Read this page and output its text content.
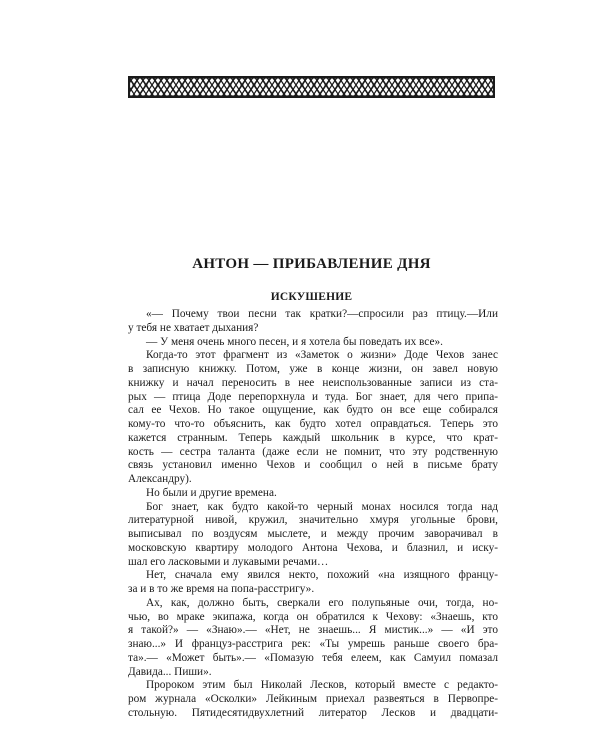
АНТОН — ПРИБАВЛЕНИЕ ДНЯ
ИСКУШЕНИЕ
«— Почему твои песни так кратки?—спросили раз птицу.—Или
у тебя не хватает дыхания?
— У меня очень много песен, и я хотела бы поведать их все».
Когда-то этот фрагмент из «Заметок о жизни» Доде Чехов занес
в записную книжку. Потом, уже в конце жизни, он завел новую
книжку и начал переносить в нее неиспользованные записи из ста-
рых — птица Доде перепорхнула и туда. Бог знает, для чего припа-
сал ее Чехов. Но такое ощущение, как будто он все еще собирался
кому-то что-то объяснить, как будто хотел оправдаться. Теперь это
кажется странным. Теперь каждый школьник в курсе, что крат-
кость — сестра таланта (даже если не помнит, что эту родственную
связь установил именно Чехов и сообщил о ней в письме брату
Александру).
Но были и другие времена.
Бог знает, как будто какой-то черный монах носился тогда над
литературной нивой, кружил, значительно хмуря угольные брови,
выписывал по воздусям мыслете, и между прочим заворачивал в
московскую квартиру молодого Антона Чехова, и блазнил, и иску-
шал его ласковыми и лукавыми речами…
Нет, сначала ему явился некто, похожий «на изящного францу-
за и в то же время на попа-расстригу».
Ах, как, должно быть, сверкали его полупьяные очи, тогда, но-
чью, во мраке экипажа, когда он обратился к Чехову: «Знаешь, кто
я такой?» — «Знаю».— «Нет, не знаешь... Я мистик...» — «И это
знаю...» И француз-расстрига рек: «Ты умрешь раньше своего бра-
та».— «Может быть».— «Помазую тебя елеем, как Самуил помазал
Давида... Пиши».
Пророком этим был Николай Лесков, который вместе с редакто-
ром журнала «Осколки» Лейкиным приехал развеяться в Первопре-
стольную. Пятидесятидвухлетний литератор Лесков и двадцати-
